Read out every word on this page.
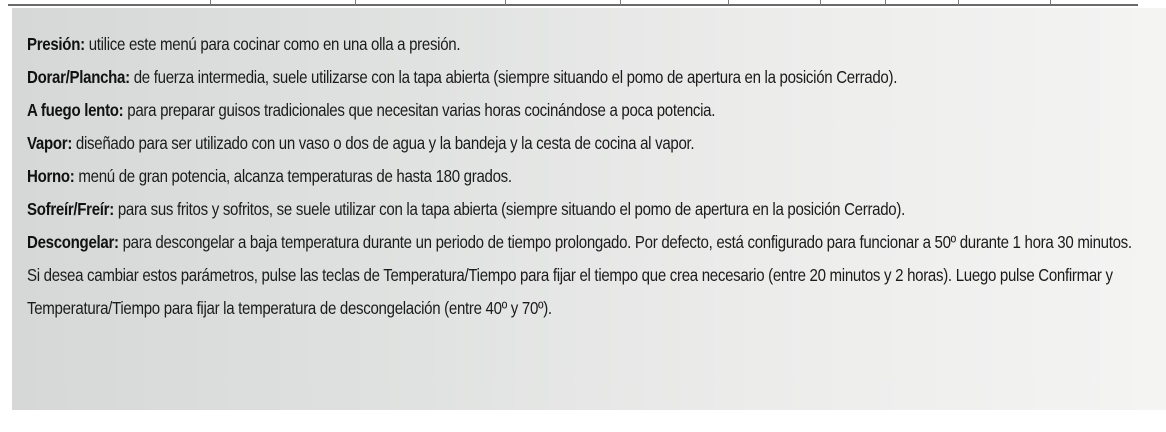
Presión: utilice este menú para cocinar como en una olla a presión.

Dorar/Plancha: de fuerza intermedia, suele utilizarse con la tapa abierta (siempre situando el pomo de apertura en la posición Cerrado).

A fuego lento: para preparar guisos tradicionales que necesitan varias horas cocinándose a poca potencia.

Vapor: diseñado para ser utilizado con un vaso o dos de agua y la bandeja y la cesta de cocina al vapor.

Horno: menú de gran potencia, alcanza temperaturas de hasta 180 grados.

Sofreír/Freír: para sus fritos y sofritos, se suele utilizar con la tapa abierta (siempre situando el pomo de apertura en la posición Cerrado).

Descongelar: para descongelar a baja temperatura durante un periodo de tiempo prolongado. Por defecto, está configurado para funcionar a 50º durante 1 hora 30 minutos. Si desea cambiar estos parámetros, pulse las teclas de Temperatura/Tiempo para fijar el tiempo que crea necesario (entre 20 minutos y 2 horas). Luego pulse Confirmar y Temperatura/Tiempo para fijar la temperatura de descongelación (entre 40º y 70º).
